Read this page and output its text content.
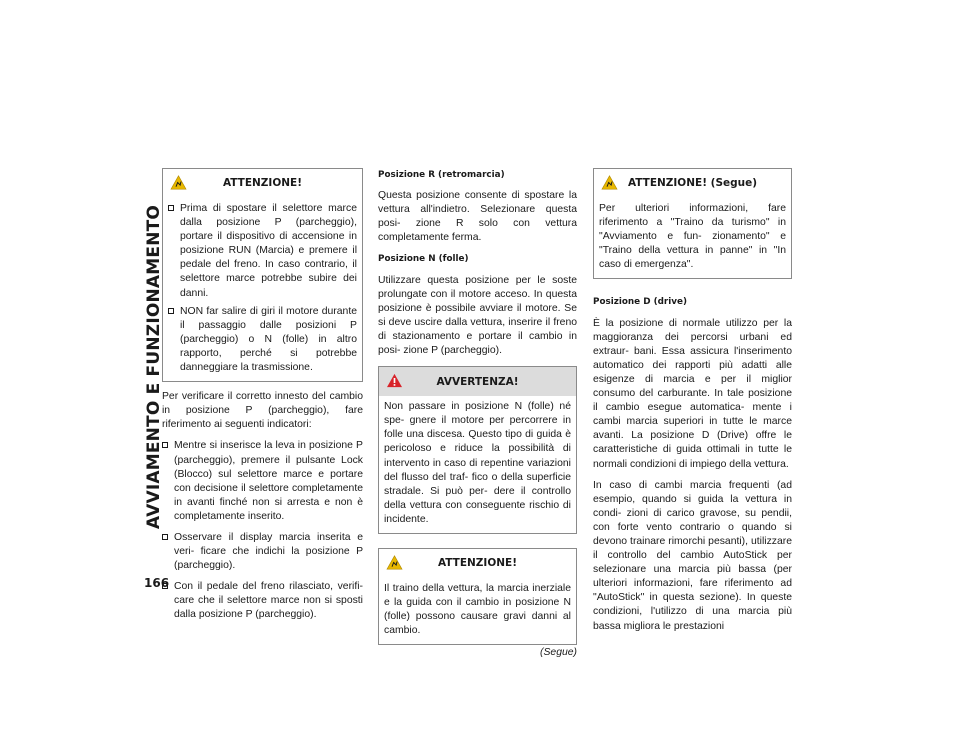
AVVIAMENTO E FUNZIONAMENTO
166
ATTENZIONE!
Prima di spostare il selettore marce dalla posizione P (parcheggio), portare il dispositivo di accensione in posizione RUN (Marcia) e premere il pedale del freno. In caso contrario, il selettore marce potrebbe subire dei danni.
NON far salire di giri il motore durante il passaggio dalle posizioni P (parcheggio) o N (folle) in altro rapporto, perché si potrebbe danneggiare la trasmissione.

Per verificare il corretto innesto del cambio in posizione P (parcheggio), fare riferimento ai seguenti indicatori:

Mentre si inserisce la leva in posizione P (parcheggio), premere il pulsante Lock (Blocco) sul selettore marce e portare con decisione il selettore completamente in avanti finché non si arresta e non è completamente inserito.
Osservare il display marcia inserita e veri- ficare che indichi la posizione P (parcheggio).
Con il pedale del freno rilasciato, verifi- care che il selettore marce non si sposti dalla posizione P (parcheggio).
Posizione R (retromarcia)

Questa posizione consente di spostare la vettura all'indietro. Selezionare questa posi- zione R solo con vettura completamente ferma.

Posizione N (folle)

Utilizzare questa posizione per le soste prolungate con il motore acceso. In questa posizione è possibile avviare il motore. Se si deve uscire dalla vettura, inserire il freno di stazionamento e portare il cambio in posi- zione P (parcheggio).

AVVERTENZA!

Non passare in posizione N (folle) né spe- gnere il motore per percorrere in folle una discesa. Questo tipo di guida è pericoloso e riduce la possibilità di intervento in caso di repentine variazioni del flusso del traf- fico o della superficie stradale. Si può per- dere il controllo della vettura con conseguente rischio di incidente.

ATTENZIONE!

Il traino della vettura, la marcia inerziale e la guida con il cambio in posizione N (folle) possono causare gravi danni al cambio.

(Segue)
ATTENZIONE! (Segue)

Per ulteriori informazioni, fare riferimento a "Traino da turismo" in "Avviamento e fun- zionamento" e "Traino della vettura in panne" in "In caso di emergenza".

Posizione D (drive)

È la posizione di normale utilizzo per la maggioranza dei percorsi urbani ed extraur- bani. Essa assicura l'inserimento automatico dei rapporti più adatti alle esigenze di marcia e per il miglior consumo del carburante. In tale posizione il cambio esegue automatica- mente i cambi marcia superiori in tutte le marce avanti. La posizione D (Drive) offre le caratteristiche di guida ottimali in tutte le normali condizioni di impiego della vettura.

In caso di cambi marcia frequenti (ad esempio, quando si guida la vettura in condi- zioni di carico gravose, su pendii, con forte vento contrario o quando si devono trainare rimorchi pesanti), utilizzare il controllo del cambio AutoStick per selezionare una marcia più bassa (per ulteriori informazioni, fare riferimento ad "AutoStick" in questa sezione). In queste condizioni, l'utilizzo di una marcia più bassa migliora le prestazioni
